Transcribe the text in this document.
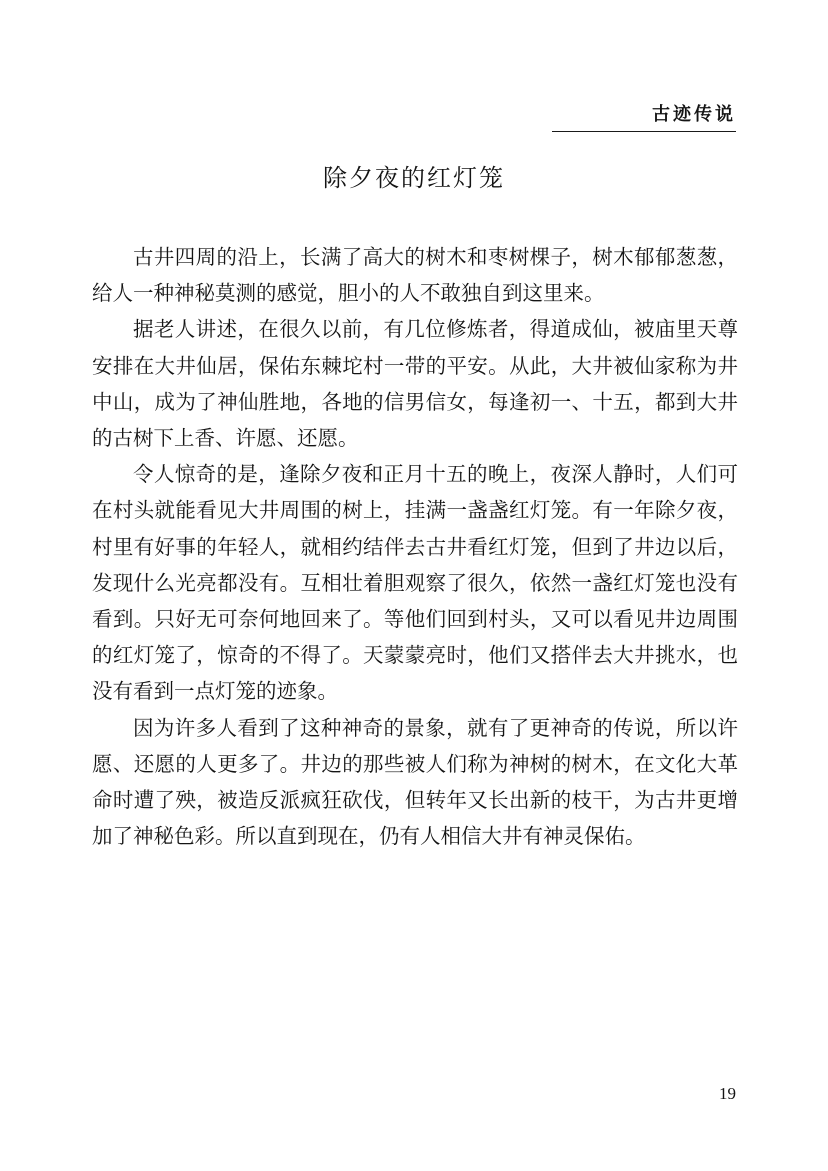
古迹传说
除夕夜的红灯笼

古井四周的沿上，长满了高大的树木和枣树棵子，树木郁郁葱葱，给人一种神秘莫测的感觉，胆小的人不敢独自到这里来。

据老人讲述，在很久以前，有几位修炼者，得道成仙，被庙里天尊安排在大井仙居，保佑东棘坨村一带的平安。从此，大井被仙家称为井中山，成为了神仙胜地，各地的信男信女，每逢初一、十五，都到大井的古树下上香、许愿、还愿。

令人惊奇的是，逢除夕夜和正月十五的晚上，夜深人静时，人们可在村头就能看见大井周围的树上，挂满一盏盏红灯笼。有一年除夕夜，村里有好事的年轻人，就相约结伴去古井看红灯笼，但到了井边以后，发现什么光亮都没有。互相壮着胆观察了很久，依然一盏红灯笼也没有看到。只好无可奈何地回来了。等他们回到村头，又可以看见井边周围的红灯笼了，惊奇的不得了。天蒙蒙亮时，他们又搭伴去大井挑水，也没有看到一点灯笼的迹象。

因为许多人看到了这种神奇的景象，就有了更神奇的传说，所以许愿、还愿的人更多了。井边的那些被人们称为神树的树木，在文化大革命时遭了殃，被造反派疯狂砍伐，但转年又长出新的枝干，为古井更增加了神秘色彩。所以直到现在，仍有人相信大井有神灵保佑。

19
